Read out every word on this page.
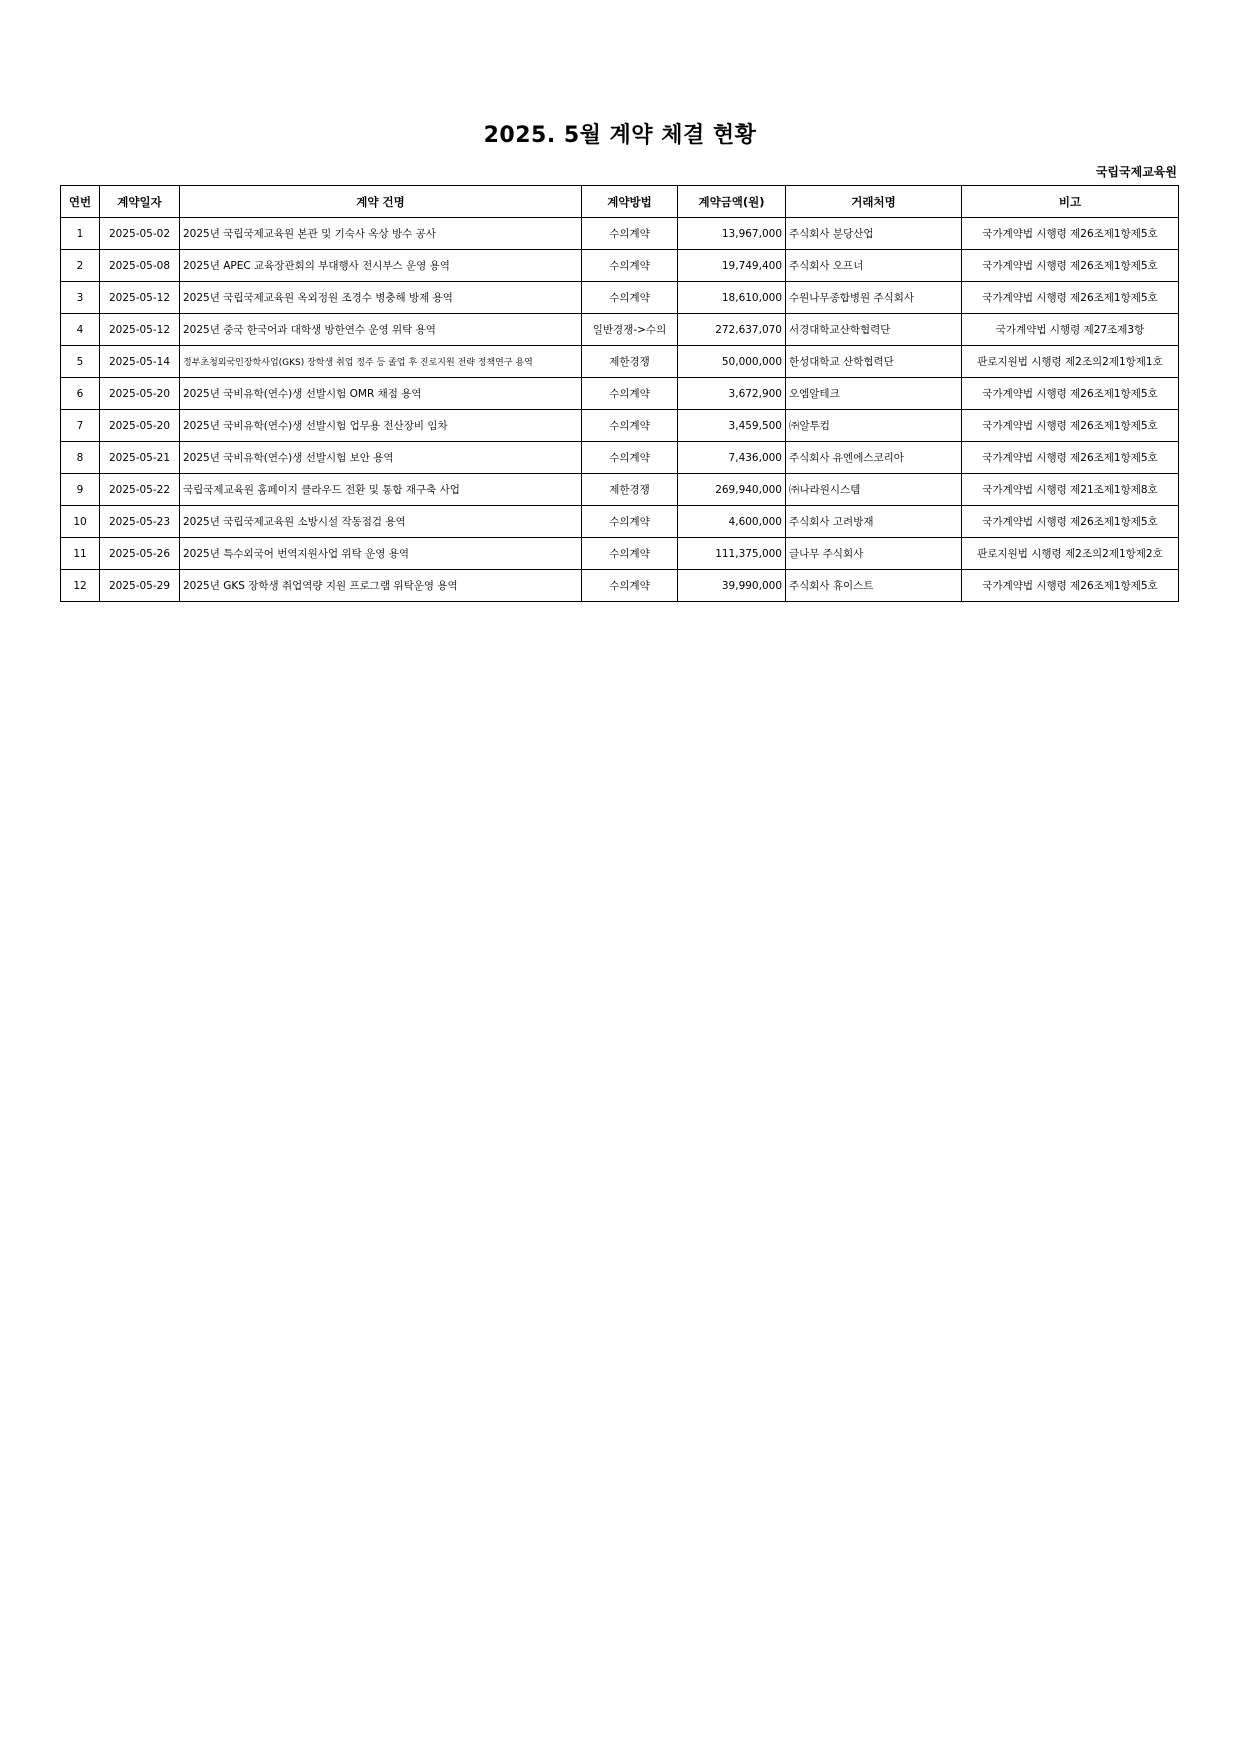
2025. 5월 계약 체결 현황
국립국제교육원
연번	계약일자	계약 건명	계약방법	계약금액(원)	거래처명	비고
1	2025-05-02	2025년 국립국제교육원 본관 및 기숙사 옥상 방수 공사	수의계약	13,967,000	주식회사 분당산업	국가계약법 시행령 제26조제1항제5호
2	2025-05-08	2025년 APEC 교육장관회의 부대행사 전시부스 운영 용역	수의계약	19,749,400	주식회사 오프너	국가계약법 시행령 제26조제1항제5호
3	2025-05-12	2025년 국립국제교육원 옥외정원 조경수 병충해 방제 용역	수의계약	18,610,000	수원나무종합병원 주식회사	국가계약법 시행령 제26조제1항제5호
4	2025-05-12	2025년 중국 한국어과 대학생 방한연수 운영 위탁 용역	일반경쟁->수의	272,637,070	서경대학교산학협력단	국가계약법 시행령 제27조제3항
5	2025-05-14	정부초청외국인장학사업(GKS) 장학생 취업 정주 등 졸업 후 진로지원 전략 정책연구 용역	제한경쟁	50,000,000	한성대학교 산학협력단	판로지원법 시행령 제2조의2제1항제1호
6	2025-05-20	2025년 국비유학(연수)생 선발시험 OMR 채점 용역	수의계약	3,672,900	오엠알테크	국가계약법 시행령 제26조제1항제5호
7	2025-05-20	2025년 국비유학(연수)생 선발시험 업무용 전산장비 임차	수의계약	3,459,500	㈜알투컴	국가계약법 시행령 제26조제1항제5호
8	2025-05-21	2025년 국비유학(연수)생 선발시험 보안 용역	수의계약	7,436,000	주식회사 유엔에스코리아	국가계약법 시행령 제26조제1항제5호
9	2025-05-22	국립국제교육원 홈페이지 클라우드 전환 및 통합 재구축 사업	제한경쟁	269,940,000	㈜나라원시스템	국가계약법 시행령 제21조제1항제8호
10	2025-05-23	2025년 국립국제교육원 소방시설 작동점검 용역	수의계약	4,600,000	주식회사 고려방재	국가계약법 시행령 제26조제1항제5호
11	2025-05-26	2025년 특수외국어 번역지원사업 위탁 운영 용역	수의계약	111,375,000	글나무 주식회사	판로지원법 시행령 제2조의2제1항제2호
12	2025-05-29	2025년 GKS 장학생 취업역량 지원 프로그램 위탁운영 용역	수의계약	39,990,000	주식회사 휴이스트	국가계약법 시행령 제26조제1항제5호
